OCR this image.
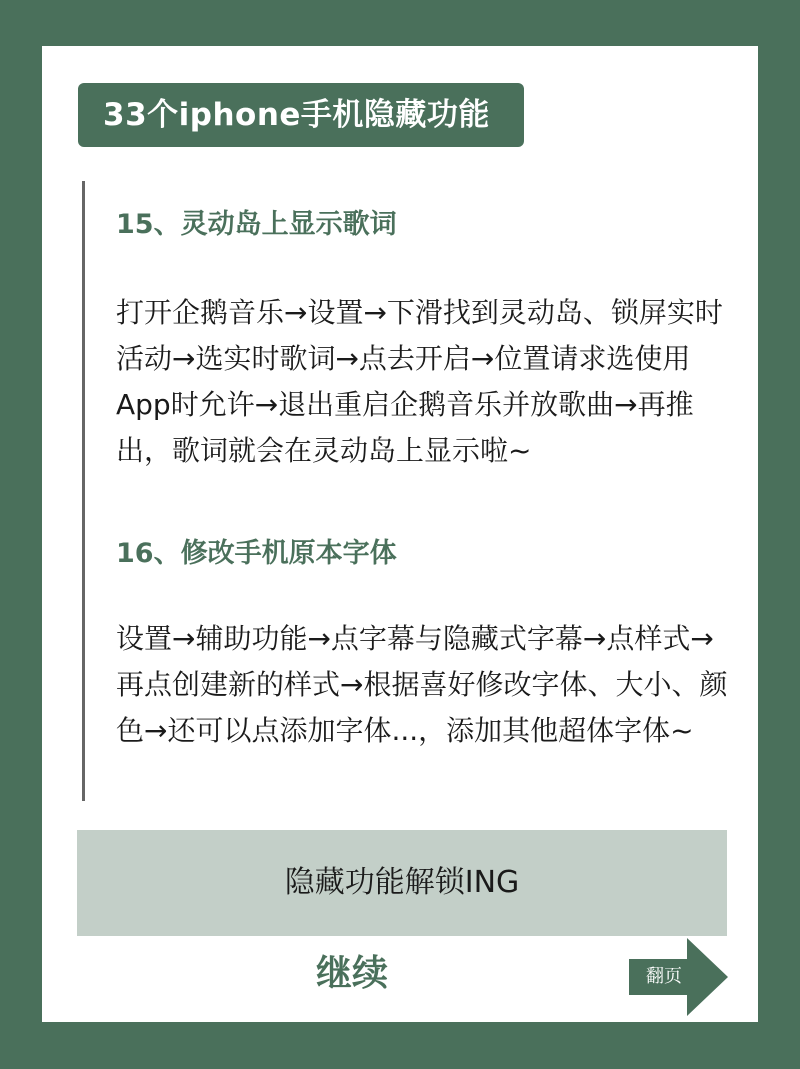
33个iphone手机隐藏功能
15、灵动岛上显示歌词
打开企鹅音乐→设置→下滑找到灵动岛、锁屏实时活动→选实时歌词→点去开启→位置请求选使用App时允许→退出重启企鹅音乐并放歌曲→再推出，歌词就会在灵动岛上显示啦~
16、修改手机原本字体
设置→辅助功能→点字幕与隐藏式字幕→点样式→再点创建新的样式→根据喜好修改字体、大小、颜色→还可以点添加字体...，添加其他超体字体~
隐藏功能解锁ING
继续	翻页
